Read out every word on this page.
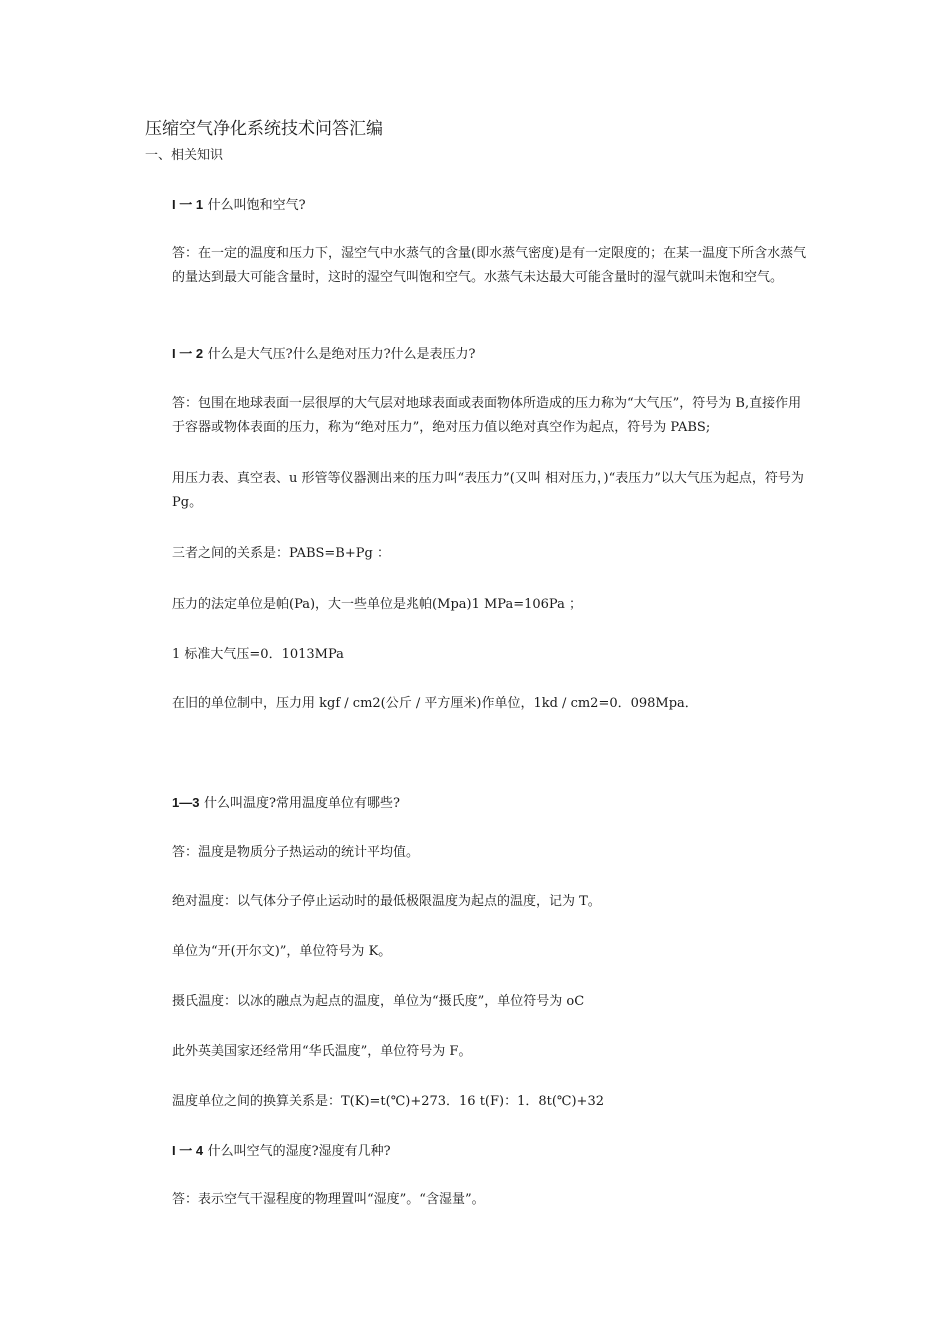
压缩空气净化系统技术问答汇编
一、相关知识
I 一 1 什么叫饱和空气?
答：在一定的温度和压力下，湿空气中水蒸气的含量(即水蒸气密度)是有一定限度的；在某一温度下所含水蒸气的量达到最大可能含量时，这时的湿空气叫饱和空气。水蒸气未达最大可能含量时的湿气就叫未饱和空气。
I 一 2 什么是大气压?什么是绝对压力?什么是表压力?
答：包围在地球表面一层很厚的大气层对地球表面或表面物体所造成的压力称为“大气压”，符号为 B,直接作用于容器或物体表面的压力，称为“绝对压力”，绝对压力值以绝对真空作为起点，符号为 PABS;
用压力表、真空表、u 形管等仪器测出来的压力叫“表压力”(又叫 相对压力，)“表压力”以大气压为起点，符号为 Pg。
三者之间的关系是：PABS=B+Pg ：
压力的法定单位是帕(Pa)，大一些单位是兆帕(Mpa)1 MPa=106Pa ；
1 标准大气压=0．1013MPa
在旧的单位制中，压力用 kgf / cm2(公斤 / 平方厘米)作单位，1kd / cm2=0．098Mpa．
1—3 什么叫温度?常用温度单位有哪些?
答：温度是物质分子热运动的统计平均值。
绝对温度：以气体分子停止运动时的最低极限温度为起点的温度，记为 T。
单位为“开(开尔文)”，单位符号为 K。
摄氏温度：以冰的融点为起点的温度，单位为“摄氏度”，单位符号为 oC
此外英美国家还经常用“华氏温度”，单位符号为 F。
温度单位之间的换算关系是：T(K)=t(℃)+273．16 t(F)：1．8t(℃)+32
I 一 4 什么叫空气的湿度?湿度有几种?
答：表示空气干湿程度的物理置叫“湿度”。“含湿量”。
